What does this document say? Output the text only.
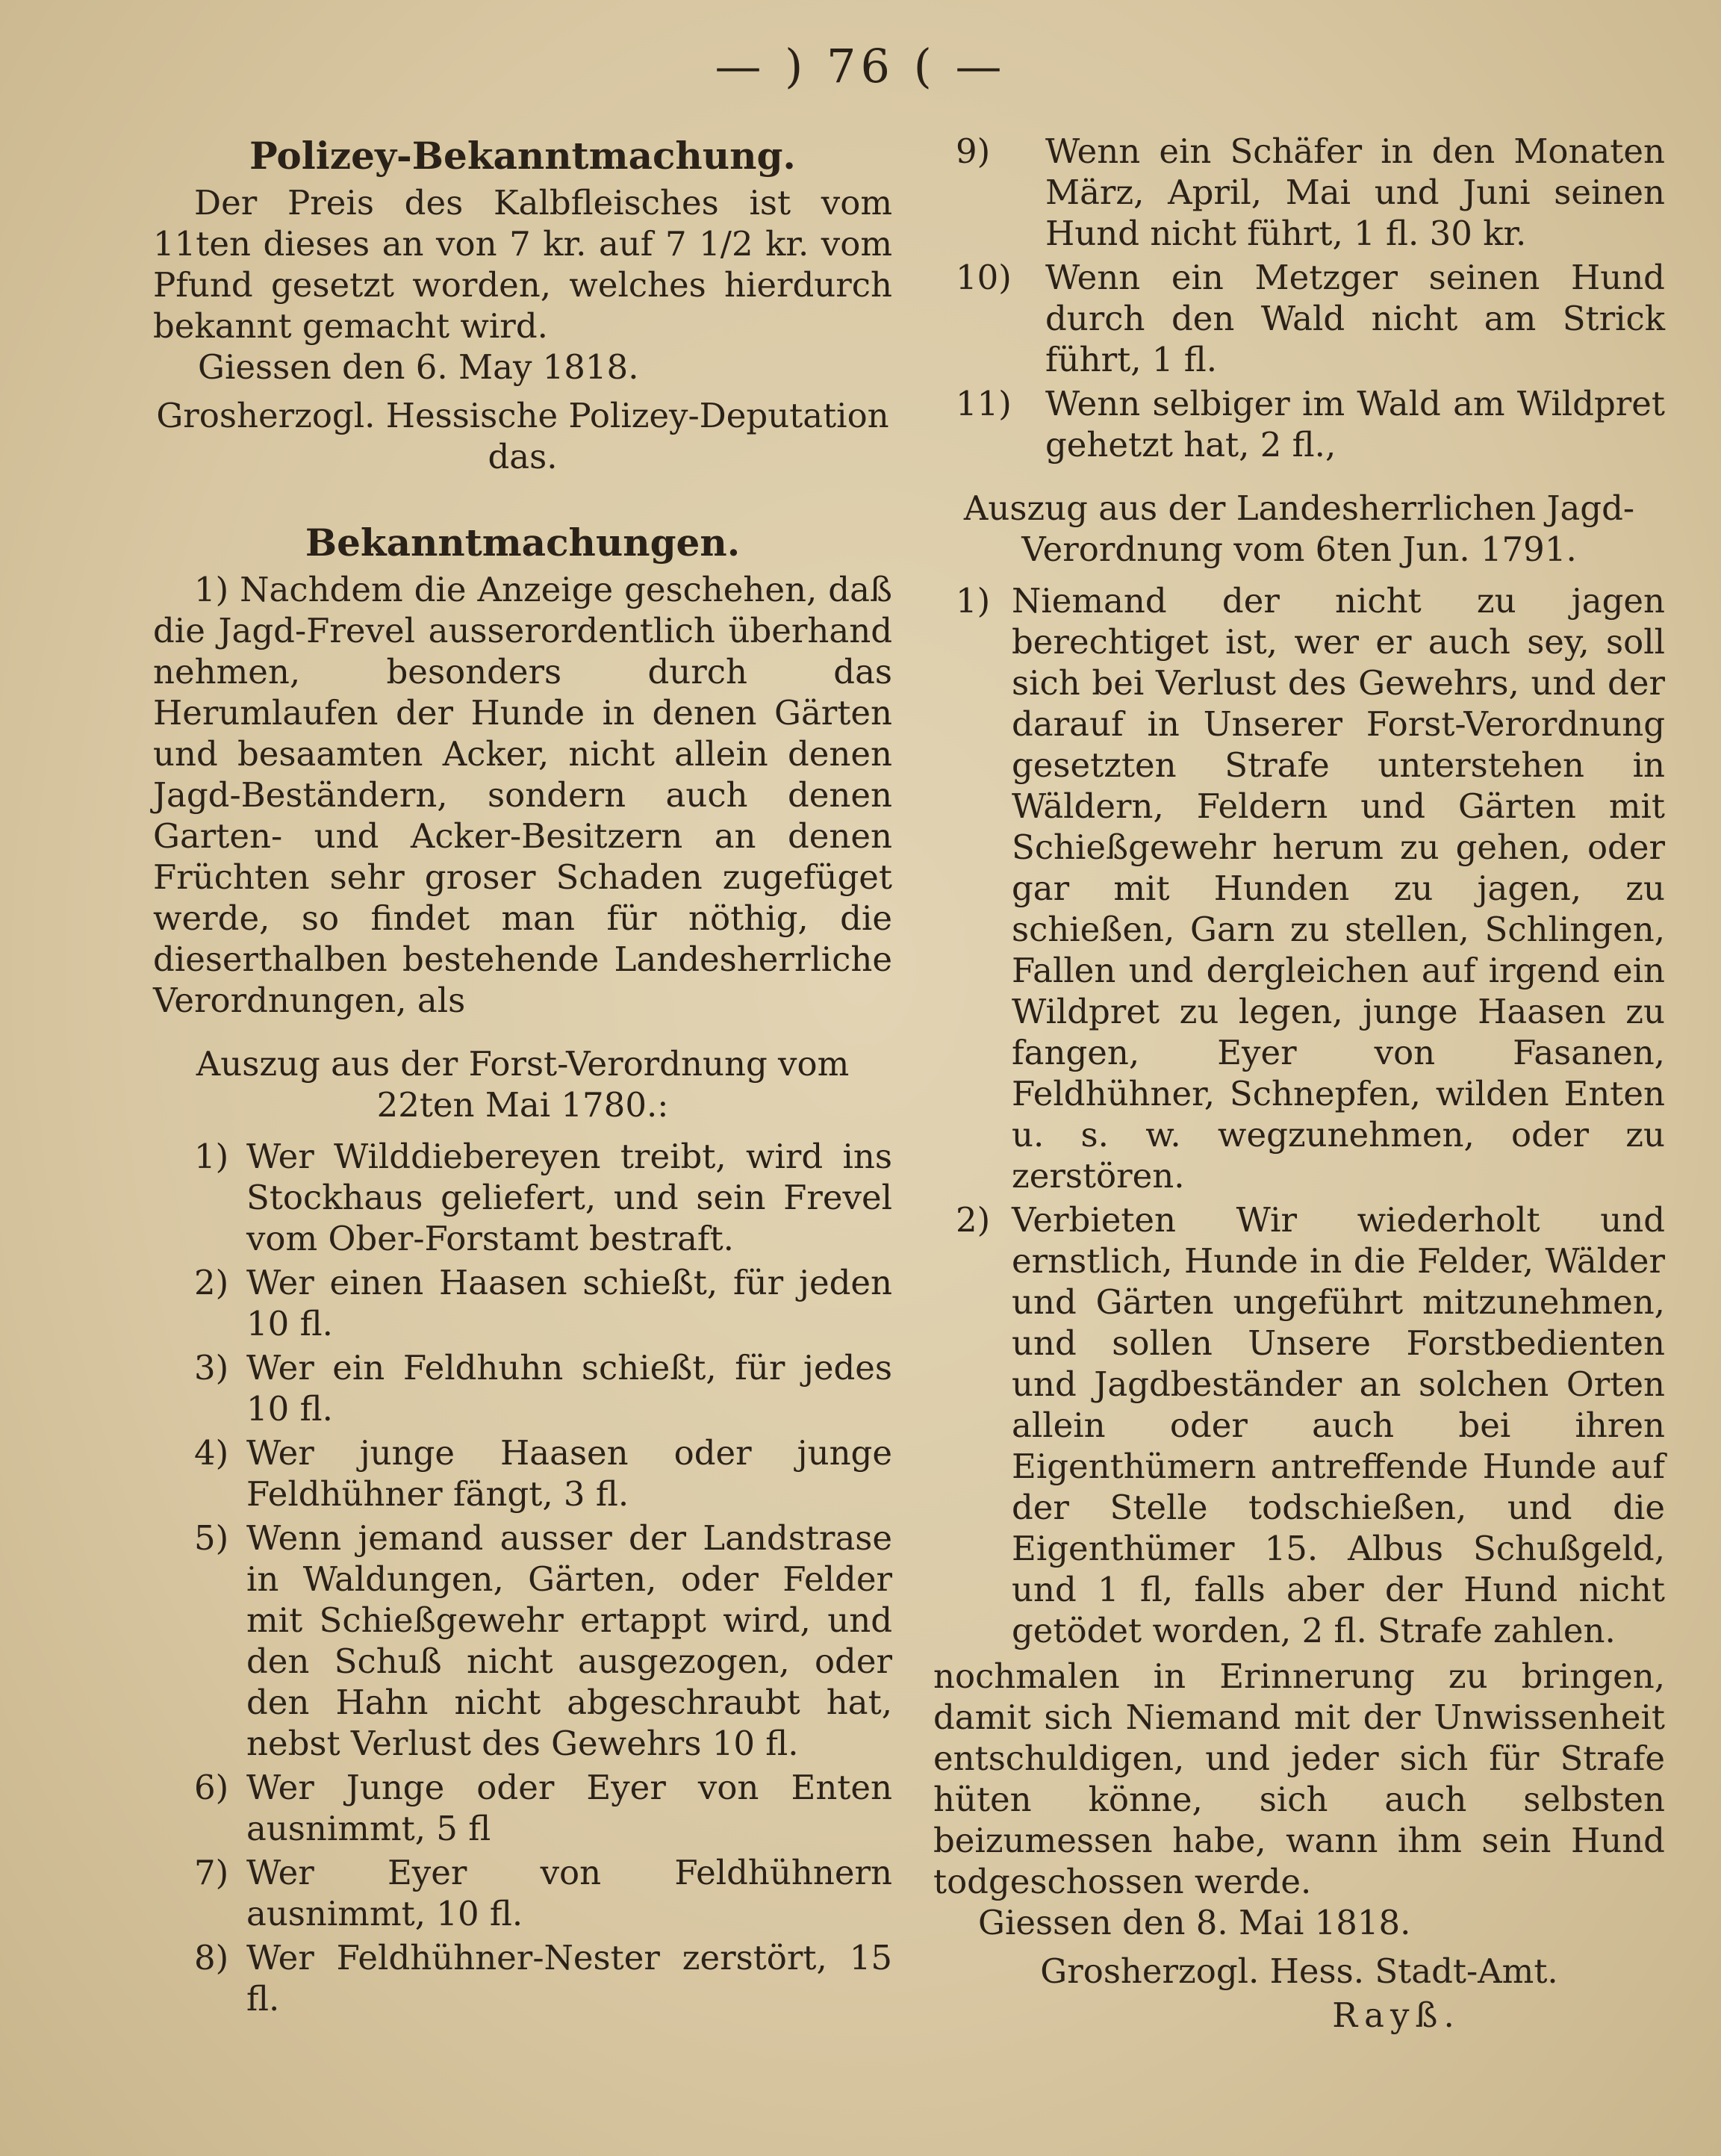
— ) 76 ( —
Polizey-Bekanntmachung.

Der Preis des Kalbfleisches ist vom 11ten dieses an von 7 kr. auf 7 1/2 kr. vom Pfund gesetzt worden, welches hierdurch bekannt gemacht wird.

Giessen den 6. May 1818.

Grosherzogl. Hessische Polizey-Deputation das.

Bekanntmachungen.

1) Nachdem die Anzeige geschehen, daß die Jagd-Frevel ausserordentlich überhand nehmen, besonders durch das Herumlaufen der Hunde in denen Gärten und besaamten Acker, nicht allein denen Jagd-Beständern, sondern auch denen Garten- und Acker-Besitzern an denen Früchten sehr groser Schaden zugefüget werde, so findet man für nöthig, die dieserthalben bestehende Landesherrliche Verordnungen, als

Auszug aus der Forst-Verordnung vom 22ten Mai 1780.:

1) Wer Wilddiebereyen treibt, wird ins Stockhaus geliefert, und sein Frevel vom Ober-Forstamt bestraft.
2) Wer einen Haasen schießt, für jeden 10 fl.
3) Wer ein Feldhuhn schießt, für jedes 10 fl.
4) Wer junge Haasen oder junge Feldhühner fängt, 3 fl.
5) Wenn jemand ausser der Landstrase in Waldungen, Gärten, oder Felder mit Schießgewehr ertappt wird, und den Schuß nicht ausgezogen, oder den Hahn nicht abgeschraubt hat, nebst Verlust des Gewehrs 10 fl.
6) Wer Junge oder Eyer von Enten ausnimmt, 5 fl
7) Wer Eyer von Feldhühnern ausnimmt, 10 fl.
8) Wer Feldhühner-Nester zerstört, 15 fl.
9) Wenn ein Schäfer in den Monaten März, April, Mai und Juni seinen Hund nicht führt, 1 fl. 30 kr.
10) Wenn ein Metzger seinen Hund durch den Wald nicht am Strick führt, 1 fl.
11) Wenn selbiger im Wald am Wildpret gehetzt hat, 2 fl.,

Auszug aus der Landesherrlichen Jagd-Verordnung vom 6ten Jun. 1791.

1) Niemand der nicht zu jagen berechtiget ist, wer er auch sey, soll sich bei Verlust des Gewehrs, und der darauf in Unserer Forst-Verordnung gesetzten Strafe unterstehen in Wäldern, Feldern und Gärten mit Schießgewehr herum zu gehen, oder gar mit Hunden zu jagen, zu schießen, Garn zu stellen, Schlingen, Fallen und dergleichen auf irgend ein Wildpret zu legen, junge Haasen zu fangen, Eyer von Fasanen, Feldhühner, Schnepfen, wilden Enten u. s. w. wegzunehmen, oder zu zerstören.
2) Verbieten Wir wiederholt und ernstlich, Hunde in die Felder, Wälder und Gärten ungeführt mitzunehmen, und sollen Unsere Forstbedienten und Jagdbeständer an solchen Orten allein oder auch bei ihren Eigenthümern antreffende Hunde auf der Stelle todschießen, und die Eigenthümer 15. Albus Schußgeld, und 1 fl, falls aber der Hund nicht getödet worden, 2 fl. Strafe zahlen.

nochmalen in Erinnerung zu bringen, damit sich Niemand mit der Unwissenheit entschuldigen, und jeder sich für Strafe hüten könne, sich auch selbsten beizumessen habe, wann ihm sein Hund todgeschossen werde.

Giessen den 8. Mai 1818.

Grosherzogl. Hess. Stadt-Amt.

Rayß.
